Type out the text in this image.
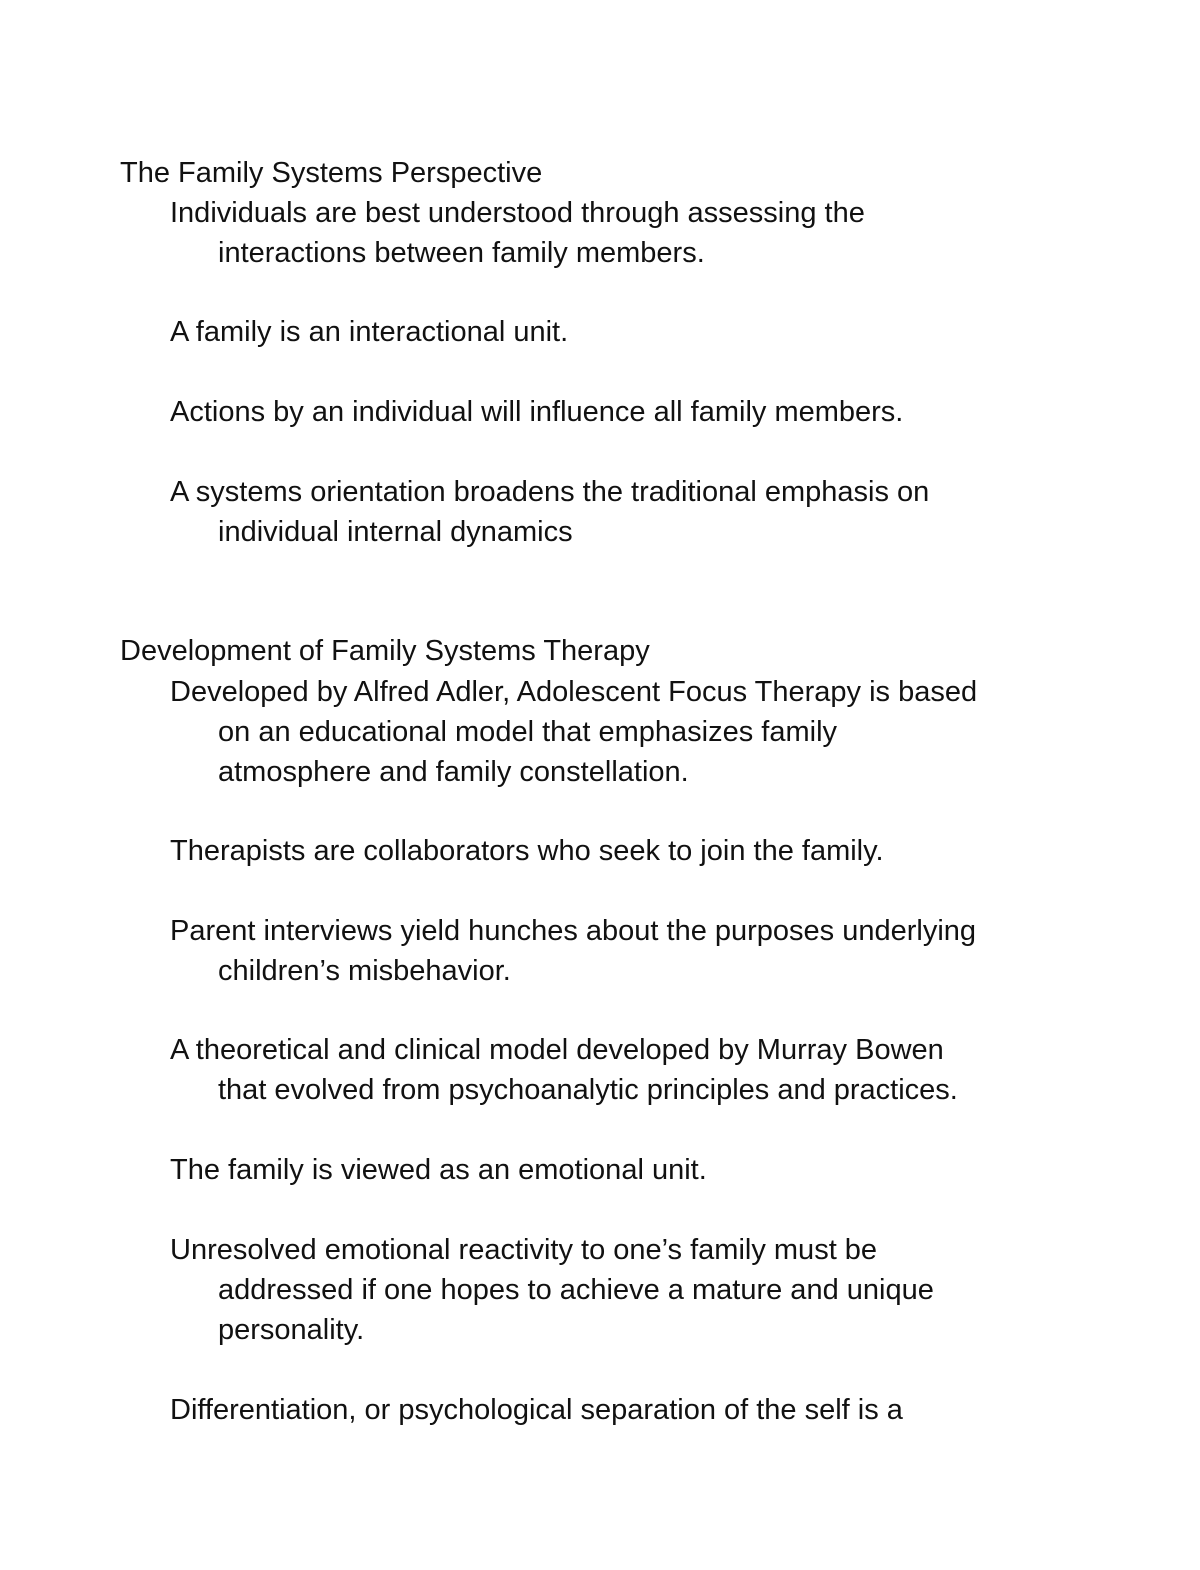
The Family Systems Perspective
Individuals are best understood through assessing the
interactions between family members.
A family is an interactional unit.
Actions by an individual will influence all family members.
A systems orientation broadens the traditional emphasis on
individual internal dynamics
Development of Family Systems Therapy
Developed by Alfred Adler, Adolescent Focus Therapy is based
on an educational model that emphasizes family
atmosphere and family constellation.
Therapists are collaborators who seek to join the family.
Parent interviews yield hunches about the purposes underlying
children’s misbehavior.
A theoretical and clinical model developed by Murray Bowen
that evolved from psychoanalytic principles and practices.
The family is viewed as an emotional unit.
Unresolved emotional reactivity to one’s family must be
addressed if one hopes to achieve a mature and unique
personality.
Differentiation, or psychological separation of the self is a
